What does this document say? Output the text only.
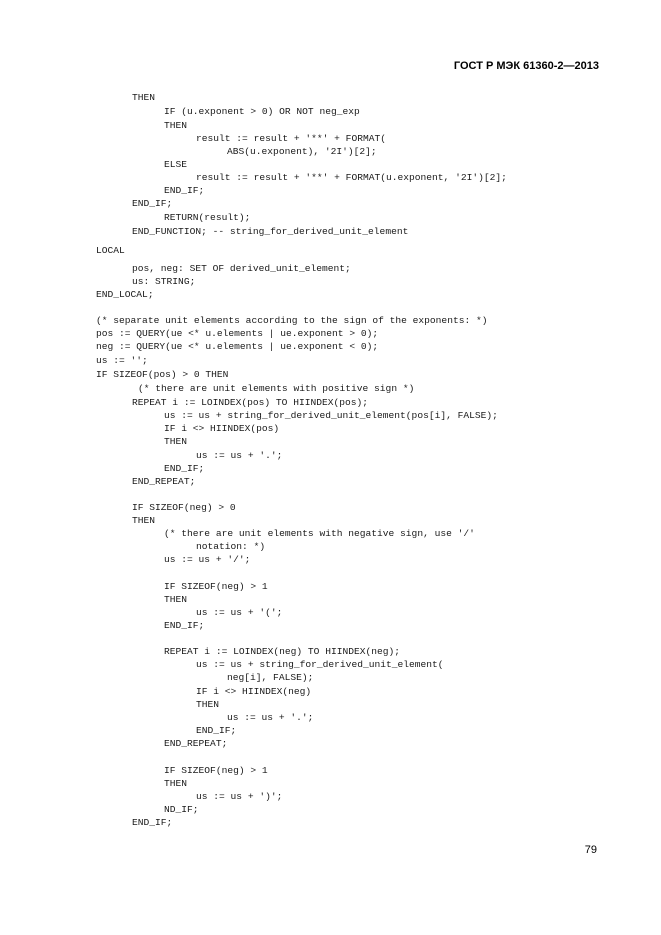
ГОСТ Р МЭК 61360-2—2013
THEN
IF (u.exponent > 0) OR NOT neg_exp
THEN
result := result + '**' + FORMAT(
ABS(u.exponent), '2I')[2];
ELSE
result := result + '**' + FORMAT(u.exponent, '2I')[2];
END_IF;
END_IF;
RETURN(result);
END_FUNCTION; -- string_for_derived_unit_element
LOCAL
pos, neg: SET OF derived_unit_element;
us: STRING;
END_LOCAL;
(* separate unit elements according to the sign of the exponents: *)
pos := QUERY(ue <* u.elements | ue.exponent > 0);
neg := QUERY(ue <* u.elements | ue.exponent < 0);
us := '';
IF SIZEOF(pos) > 0 THEN
(* there are unit elements with positive sign *)
REPEAT i := LOINDEX(pos) TO HIINDEX(pos);
us := us + string_for_derived_unit_element(pos[i], FALSE);
IF i <> HIINDEX(pos)
THEN
us := us + '.';
END_IF;
END_REPEAT;
IF SIZEOF(neg) > 0
THEN
(* there are unit elements with negative sign, use '/'
notation: *)
us := us + '/';
IF SIZEOF(neg) > 1
THEN
us := us + '(';
END_IF;
REPEAT i := LOINDEX(neg) TO HIINDEX(neg);
us := us + string_for_derived_unit_element(
neg[i], FALSE);
IF i <> HIINDEX(neg)
THEN
us := us + '.';
END_IF;
END_REPEAT;
IF SIZEOF(neg) > 1
THEN
us := us + ')';
ND_IF;
END_IF;
79
